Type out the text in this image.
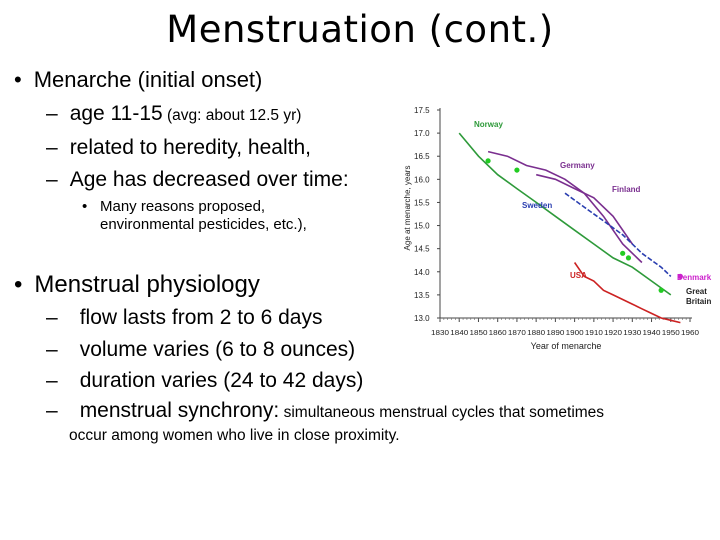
Menstruation (cont.)
• Menarche (initial onset)
– age 11-15 (avg: about 12.5 yr)
– related to heredity, health,
– Age has decreased over time:
• Many reasons proposed, environmental pesticides, etc.),
• Menstrual physiology
– flow lasts from 2 to 6 days
– volume varies (6 to 8 ounces)
– duration varies (24 to 42 days)
– menstrual synchrony: simultaneous menstrual cycles that sometimes
occur among women who live in close proximity.
13.0
13.5
14.0
14.5
15.0
15.5
16.0
16.5
17.0
17.5
1830 1840 1850 1860 1870 1880 1890 1900 1910 1920 1930 1940 1950 1960
Year of menarche
Age at menarche, years
Norway
Germany
Finland
Sweden
USA	Denmark
Great
Britain
